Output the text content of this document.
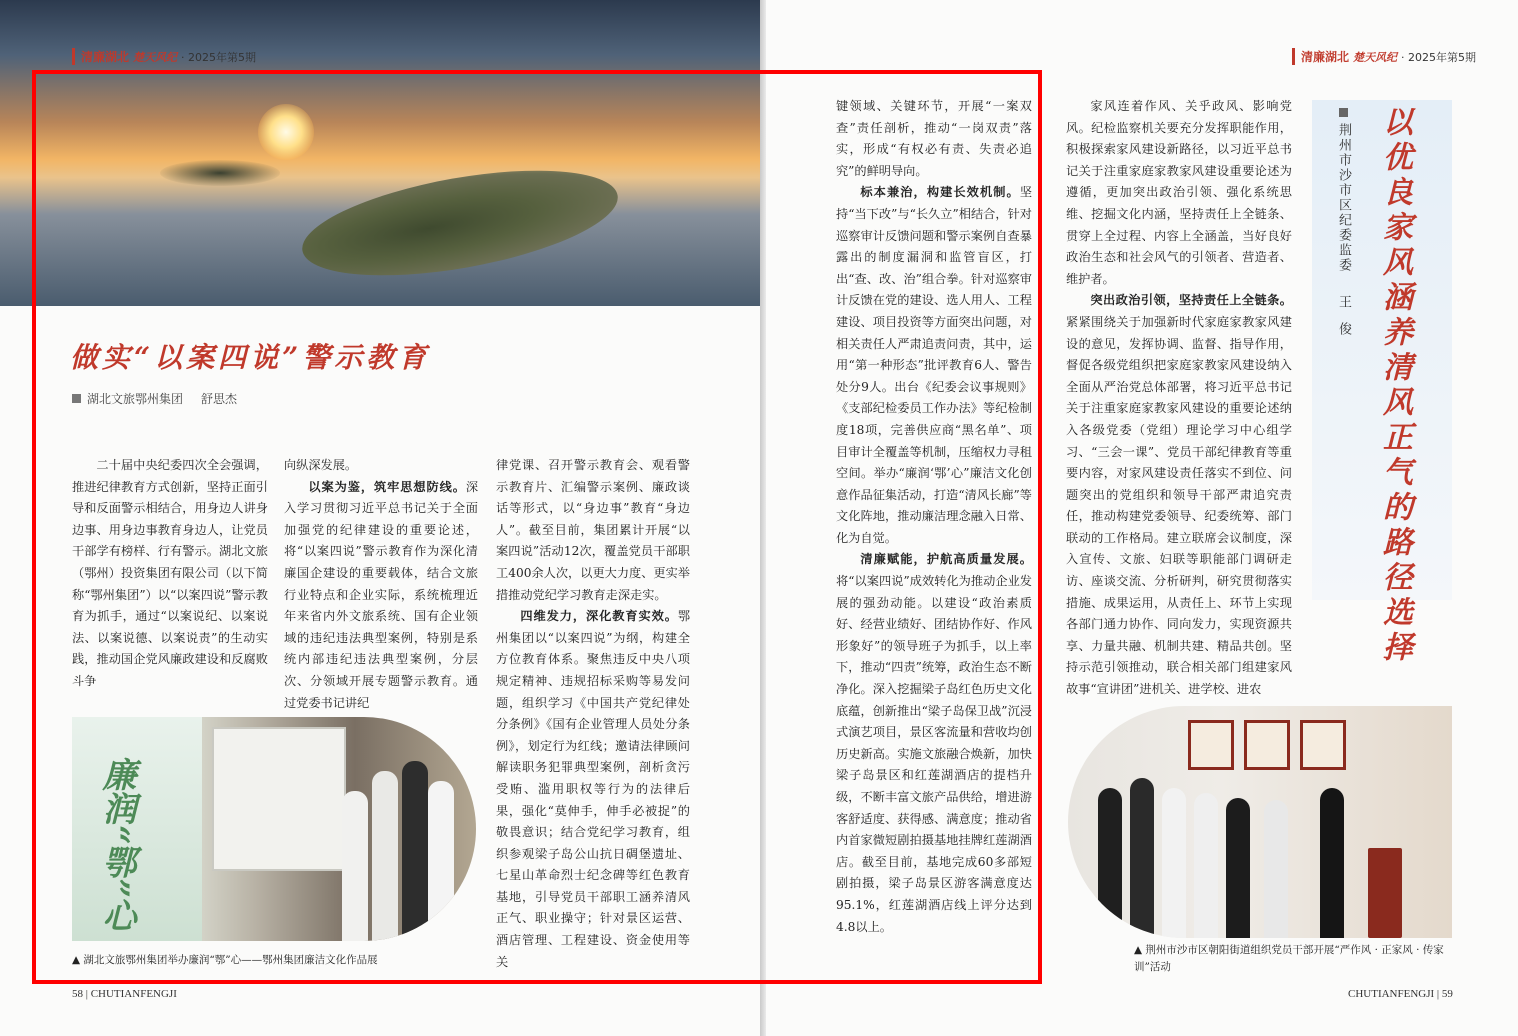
清廉湖北 楚天风纪 · 2025年第5期
做实“以案四说”警示教育
湖北文旅鄂州集团 舒思杰

二十届中央纪委四次全会强调，推进纪律教育方式创新，坚持正面引导和反面警示相结合，用身边人讲身边事、用身边事教育身边人，让党员干部学有榜样、行有警示。湖北文旅（鄂州）投资集团有限公司（以下简称“鄂州集团”）以“以案四说”警示教育为抓手，通过“以案说纪、以案说法、以案说德、以案说责”的生动实践，推动国企党风廉政建设和反腐败斗争

向纵深发展。

以案为鉴，筑牢思想防线。深入学习贯彻习近平总书记关于全面加强党的纪律建设的重要论述，将“以案四说”警示教育作为深化清廉国企建设的重要载体，结合文旅行业特点和企业实际，系统梳理近年来省内外文旅系统、国有企业领域的违纪违法典型案例，特别是系统内部违纪违法典型案例，分层次、分领域开展专题警示教育。通过党委书记讲纪

律党课、召开警示教育会、观看警示教育片、汇编警示案例、廉政谈话等形式，以“身边事”教育“身边人”。截至目前，集团累计开展“以案四说”活动12次，覆盖党员干部职工400余人次，以更大力度、更实举措推动党纪学习教育走深走实。

四维发力，深化教育实效。鄂州集团以“以案四说”为纲，构建全方位教育体系。聚焦违反中央八项规定精神、违规招标采购等易发问题，组织学习《中国共产党纪律处分条例》《国有企业管理人员处分条例》，划定行为红线；邀请法律顾问解读职务犯罪典型案例，剖析贪污受贿、滥用职权等行为的法律后果，强化“莫伸手，伸手必被捉”的敬畏意识；结合党纪学习教育，组织参观梁子岛公山抗日碉堡遗址、七星山革命烈士纪念碑等红色教育基地，引导党员干部职工涵养清风正气、职业操守；针对景区运营、酒店管理、工程建设、资金使用等关

廉润“鄂”心
▲ 湖北文旅鄂州集团举办廉润“鄂”心——鄂州集团廉洁文化作品展
58 | CHUTIANFENGJI
清廉湖北 楚天风纪 · 2025年第5期

键领域、关键环节，开展“一案双查”责任剖析，推动“一岗双责”落实，形成“有权必有责、失责必追究”的鲜明导向。

标本兼治，构建长效机制。坚持“当下改”与“长久立”相结合，针对巡察审计反馈问题和警示案例自查暴露出的制度漏洞和监管盲区，打出“查、改、治”组合拳。针对巡察审计反馈在党的建设、选人用人、工程建设、项目投资等方面突出问题，对相关责任人严肃追责问责，其中，运用“第一种形态”批评教育6人、警告处分9人。出台《纪委会议事规则》《支部纪检委员工作办法》等纪检制度18项，完善供应商“黑名单”、项目审计全覆盖等机制，压缩权力寻租空间。举办“廉润‘鄂’心”廉洁文化创意作品征集活动，打造“清风长廊”等文化阵地，推动廉洁理念融入日常、化为自觉。

清廉赋能，护航高质量发展。将“以案四说”成效转化为推动企业发展的强劲动能。以建设“政治素质好、经营业绩好、团结协作好、作风形象好”的领导班子为抓手，以上率下，推动“四责”统筹，政治生态不断净化。深入挖掘梁子岛红色历史文化底蕴，创新推出“梁子岛保卫战”沉浸式演艺项目，景区客流量和营收均创历史新高。实施文旅融合焕新，加快梁子岛景区和红莲湖酒店的提档升级，不断丰富文旅产品供给，增进游客舒适度、获得感、满意度；推动省内首家微短剧拍摄基地挂牌红莲湖酒店。截至目前，基地完成60多部短剧拍摄，梁子岛景区游客满意度达95.1%，红莲湖酒店线上评分达到4.8以上。

家风连着作风、关乎政风、影响党风。纪检监察机关要充分发挥职能作用，积极探索家风建设新路径，以习近平总书记关于注重家庭家教家风建设重要论述为遵循，更加突出政治引领、强化系统思维、挖掘文化内涵，坚持责任上全链条、贯穿上全过程、内容上全涵盖，当好良好政治生态和社会风气的引领者、营造者、维护者。

突出政治引领，坚持责任上全链条。紧紧围绕关于加强新时代家庭家教家风建设的意见，发挥协调、监督、指导作用，督促各级党组织把家庭家教家风建设纳入全面从严治党总体部署，将习近平总书记关于注重家庭家教家风建设的重要论述纳入各级党委（党组）理论学习中心组学习、“三会一课”、党员干部纪律教育等重要内容，对家风建设责任落实不到位、问题突出的党组织和领导干部严肃追究责任，推动构建党委领导、纪委统筹、部门联动的工作格局。建立联席会议制度，深入宣传、文旅、妇联等职能部门调研走访、座谈交流、分析研判，研究贯彻落实措施、成果运用，从责任上、环节上实现各部门通力协作、同向发力，实现资源共享、力量共融、机制共建、精品共创。坚持示范引领推动，联合相关部门组建家风故事“宣讲团”进机关、进学校、进农

荆州市沙市区纪委监委
王俊 以优良家风涵养清风正气的路径选择
▲ 荆州市沙市区朝阳街道组织党员干部开展“严作风 · 正家风 · 传家训”活动
CHUTIANFENGJI | 59
